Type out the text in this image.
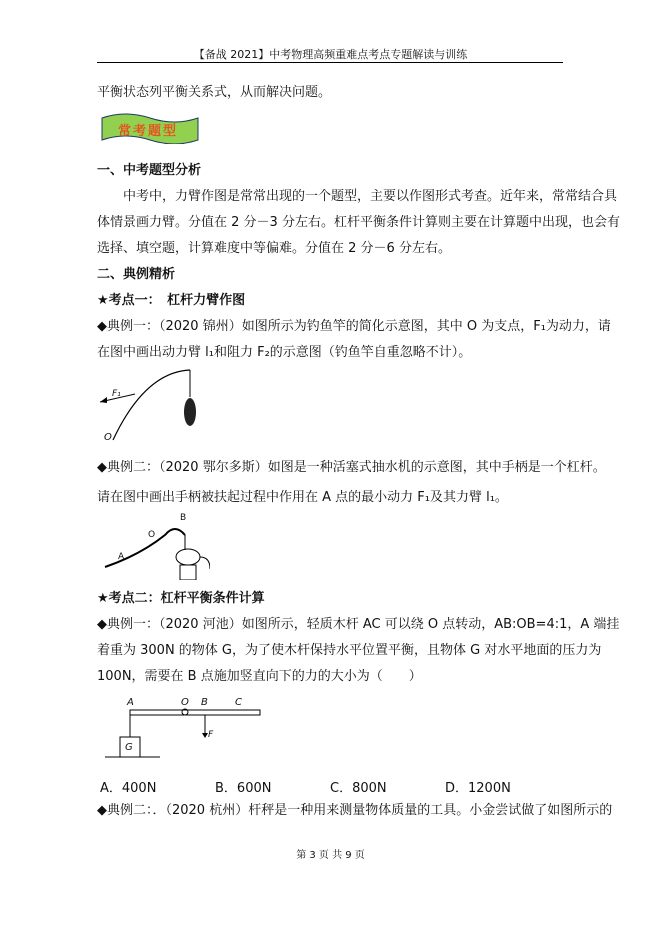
【备战 2021】中考物理高频重难点考点专题解读与训练
平衡状态列平衡关系式，从而解决问题。
常考题型
一、中考题型分析
　　中考中，力臂作图是常常出现的一个题型，主要以作图形式考查。近年来，常常结合具
体情景画力臂。分值在 2 分－3 分左右。杠杆平衡条件计算则主要在计算题中出现，也会有
选择、填空题，计算难度中等偏难。分值在 2 分－6 分左右。
二、典例精析
★考点一：　杠杆力臂作图
◆典例一：（2020 锦州）如图所示为钓鱼竿的简化示意图，其中 O 为支点，F₁为动力，请
在图中画出动力臂 l₁和阻力 F₂的示意图（钓鱼竿自重忽略不计）。
F₁
O
◆典例二：（2020 鄂尔多斯）如图是一种活塞式抽水机的示意图，其中手柄是一个杠杆。
请在图中画出手柄被扶起过程中作用在 A 点的最小动力 F₁及其力臂 l₁。
A
O
B
★考点二：杠杆平衡条件计算
◆典例一：（2020 河池）如图所示，轻质木杆 AC 可以绕 O 点转动，AB:OB=4:1，A 端挂
着重为 300N 的物体 G，为了使木杆保持水平位置平衡，且物体 G 对水平地面的压力为
100N，需要在 B 点施加竖直向下的力的大小为（　　）
A	O B	C
F
G
A．400N	B．600N	C．800N	D．1200N
◆典例二：．（2020 杭州）杆秤是一种用来测量物体质量的工具。小金尝试做了如图所示的
第 3 页 共 9 页
